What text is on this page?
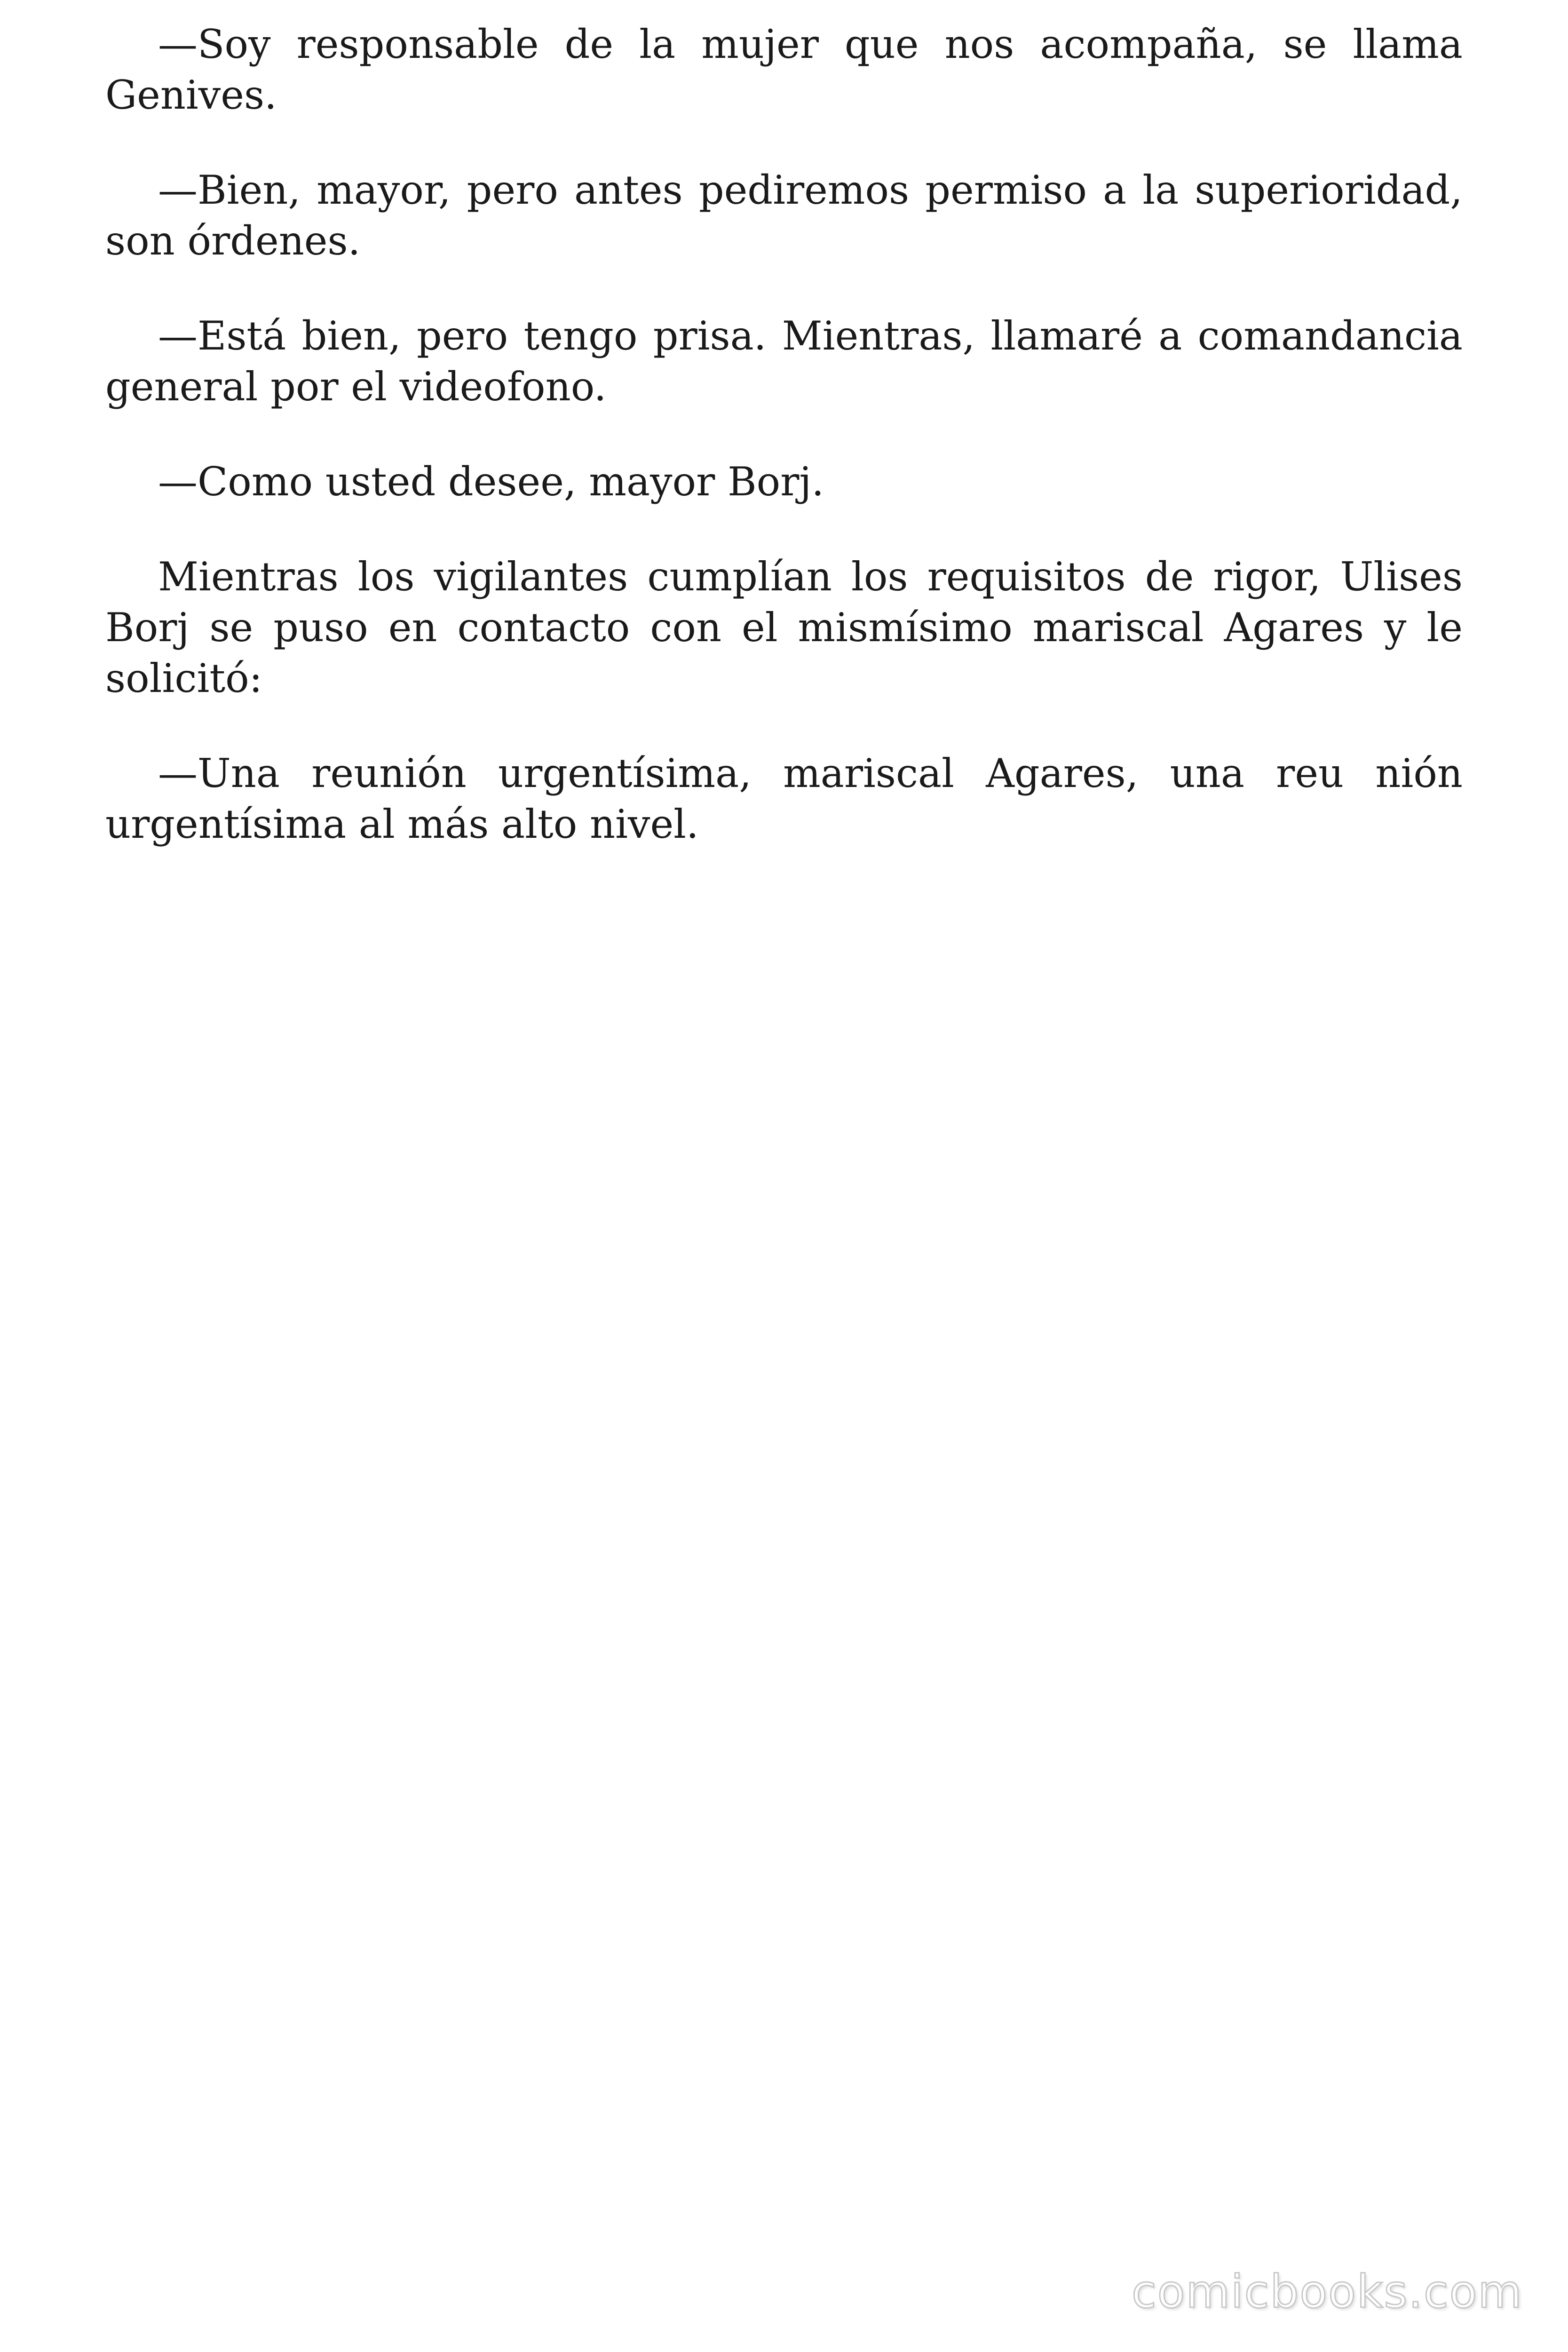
—Soy responsable de la mujer que nos acompaña, se llama Genives.

—Bien, mayor, pero antes pediremos permiso a la superioridad, son órdenes.

—Está bien, pero tengo prisa. Mientras, llamaré a comandancia general por el videofono.

—Como usted desee, mayor Borj.

Mientras los vigilantes cumplían los requisitos de rigor, Ulises Borj se puso en contacto con el mismísimo mariscal Agares y le solicitó:

—Una reunión urgentísima, mariscal Agares, una reu nión urgentísima al más alto nivel.

comicbooks.com
